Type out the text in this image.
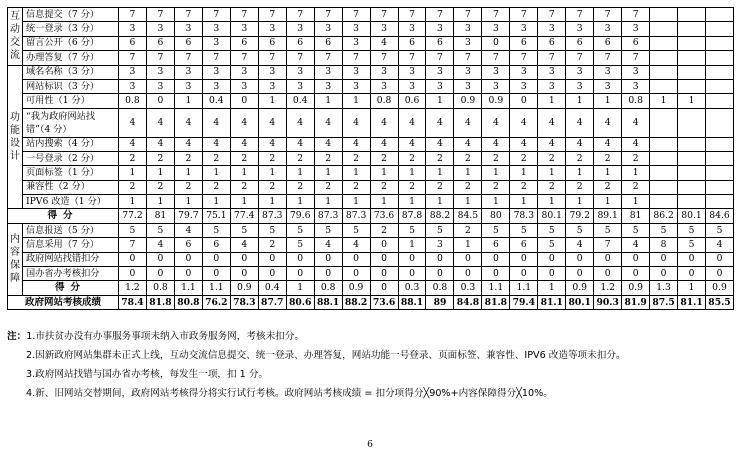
互动交流	信息提交（7 分）	7	7	7	7	7	7	7	7	7	7	7	7	7	7	7	7	7	7	7			
	统一登录（3 分）	3	3	3	3	3	3	3	3	3	3	3	3	3	3	3	3	3	3	3			
	留言公开（6 分）	6	6	6	3	6	6	6	6	3	4	6	6	3	0	6	6	6	6	6			
	办理答复（7 分）	7	7	7	7	7	7	7	7	7	7	7	7	7	7	7	7	7	7	7			
功能设计	域名名称（3 分）	3	3	3	3	3	3	3	3	3	3	3	3	3	3	3	3	3	3	3			
	网站标识（3 分）	3	3	3	3	3	3	3	3	3	3	3	3	3	3	3	3	3	3	3			
	可用性（1 分）	0.8	0	1	0.4	0	1	0.4	1	1	0.8	0.6	1	0.9	0.9	0	1	1	1	0.8	1	1	
	“我为政府网站找错”（4 分）	4	4	4	4	4	4	4	4	4	4	4	4	4	4	4	4	4	4	4			
	站内搜索（4 分）	4	4	4	4	4	4	4	4	4	4	4	4	4	4	4	4	4	4	4			
	一号登录（2 分）	2	2	2	2	2	2	2	2	2	2	2	2	2	2	2	2	2	2	2			
	页面标签（1 分）	1	1	1	1	1	1	1	1	1	1	1	1	1	1	1	1	1	1	1			
	兼容性（2 分）	2	2	2	2	2	2	2	2	2	2	2	2	2	2	2	2	2	2	2			
	IPV6 改造（1 分）	1	1	1	1	1	1	1	1	1	1	1	1	1	1	1	1	1	1	1			
得分		77.2	81	79.7	75.1	77.4	87.3	79.6	87.3	87.3	73.6	87.8	88.2	84.5	80	78.3	80.1	79.2	89.1	81	86.2	80.1	84.6
内容保障	信息报送（5 分）	5	5	4	5	5	5	5	5	5	2	5	5	2	5	5	5	5	5	5	5	5	5
	信息采用（7 分）	7	4	6	6	4	2	5	4	4	0	1	3	1	6	6	5	4	7	4	8	5	4
	政府网站找错扣分	0	0	0	0	0	0	0	0	0	0	0	0	0	0	0	0	0	0	0	0	0	0
	国办省办考核扣分	0	0	0	0	0	0	0	0	0	0	0	0	0	0	0	0	0	0	0	0	0	0
	得分	1.2	0.8	1.1	1.1	0.9	0.4	1	0.8	0.9	0	0.3	0.8	0.3	1.1	1.1	1	0.9	1.2	0.9	1.3	1	0.9
政府网站考核成绩		78.4	81.8	80.8	76.2	78.3	87.7	80.6	88.1	88.2	73.6	88.1	89	84.8	81.8	79.4	81.1	80.1	90.3	81.9	87.5	81.1	85.5
注：1.市扶贫办没有办事服务事项未纳入市政务服务网，考核未扣分。
2.因新政府网站集群未正式上线，互动交流信息提交、统一登录、办理答复，网站功能一号登录、页面标签、兼容性、IPV6 改造等项未扣分。
3.政府网站找错与国办省办考核，每发生一项，扣 1 分。
4.新、旧网站交替期间，政府网站考核得分将实行试行考核。政府网站考核成绩 = 扣分项得分╳90%+内容保障得分╳10%。
6
